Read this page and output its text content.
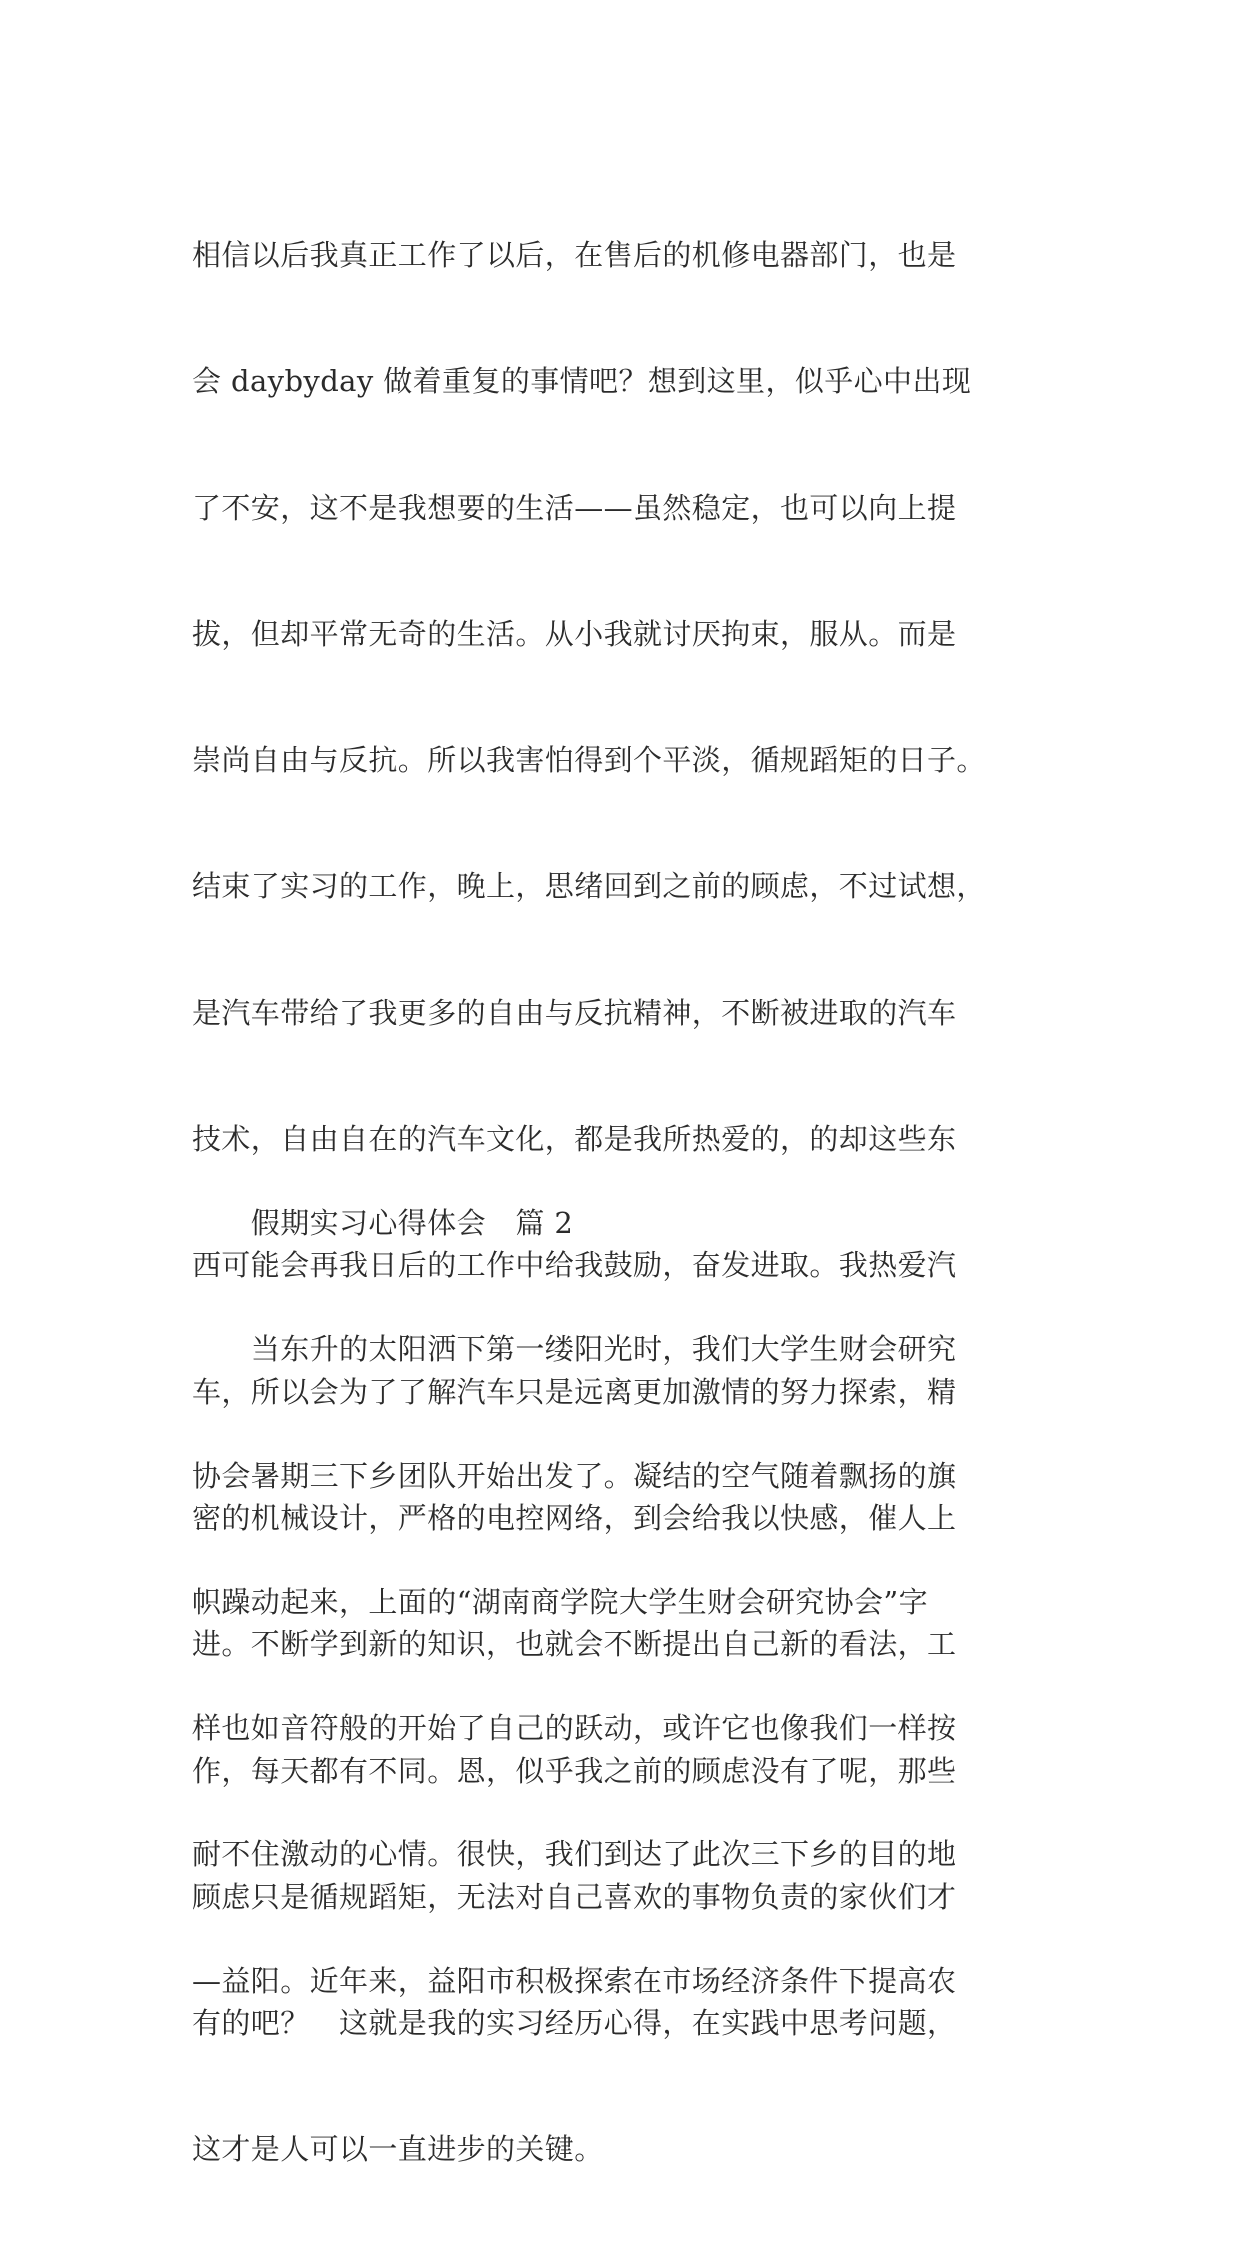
相信以后我真正工作了以后，在售后的机修电器部门，也是

会 daybyday 做着重复的事情吧？想到这里，似乎心中出现

了不安，这不是我想要的生活——虽然稳定，也可以向上提

拔，但却平常无奇的生活。从小我就讨厌拘束，服从。而是

崇尚自由与反抗。所以我害怕得到个平淡，循规蹈矩的日子。

结束了实习的工作，晚上，思绪回到之前的顾虑，不过试想，

是汽车带给了我更多的自由与反抗精神，不断被进取的汽车

技术，自由自在的汽车文化，都是我所热爱的，的却这些东

西可能会再我日后的工作中给我鼓励，奋发进取。我热爱汽

车，所以会为了了解汽车只是远离更加激情的努力探索，精

密的机械设计，严格的电控网络，到会给我以快感，催人上

进。不断学到新的知识，也就会不断提出自己新的看法，工

作，每天都有不同。恩，似乎我之前的顾虑没有了呢，那些

顾虑只是循规蹈矩，无法对自己喜欢的事物负责的家伙们才

有的吧？　这就是我的实习经历心得，在实践中思考问题，

这才是人可以一直进步的关键。

　　假期实习心得体会　篇 2

　　当东升的太阳洒下第一缕阳光时，我们大学生财会研究

协会暑期三下乡团队开始出发了。凝结的空气随着飘扬的旗

帜躁动起来，上面的“湖南商学院大学生财会研究协会”字

样也如音符般的开始了自己的跃动，或许它也像我们一样按

耐不住激动的心情。很快，我们到达了此次三下乡的目的地

—益阳。近年来，益阳市积极探索在市场经济条件下提高农
